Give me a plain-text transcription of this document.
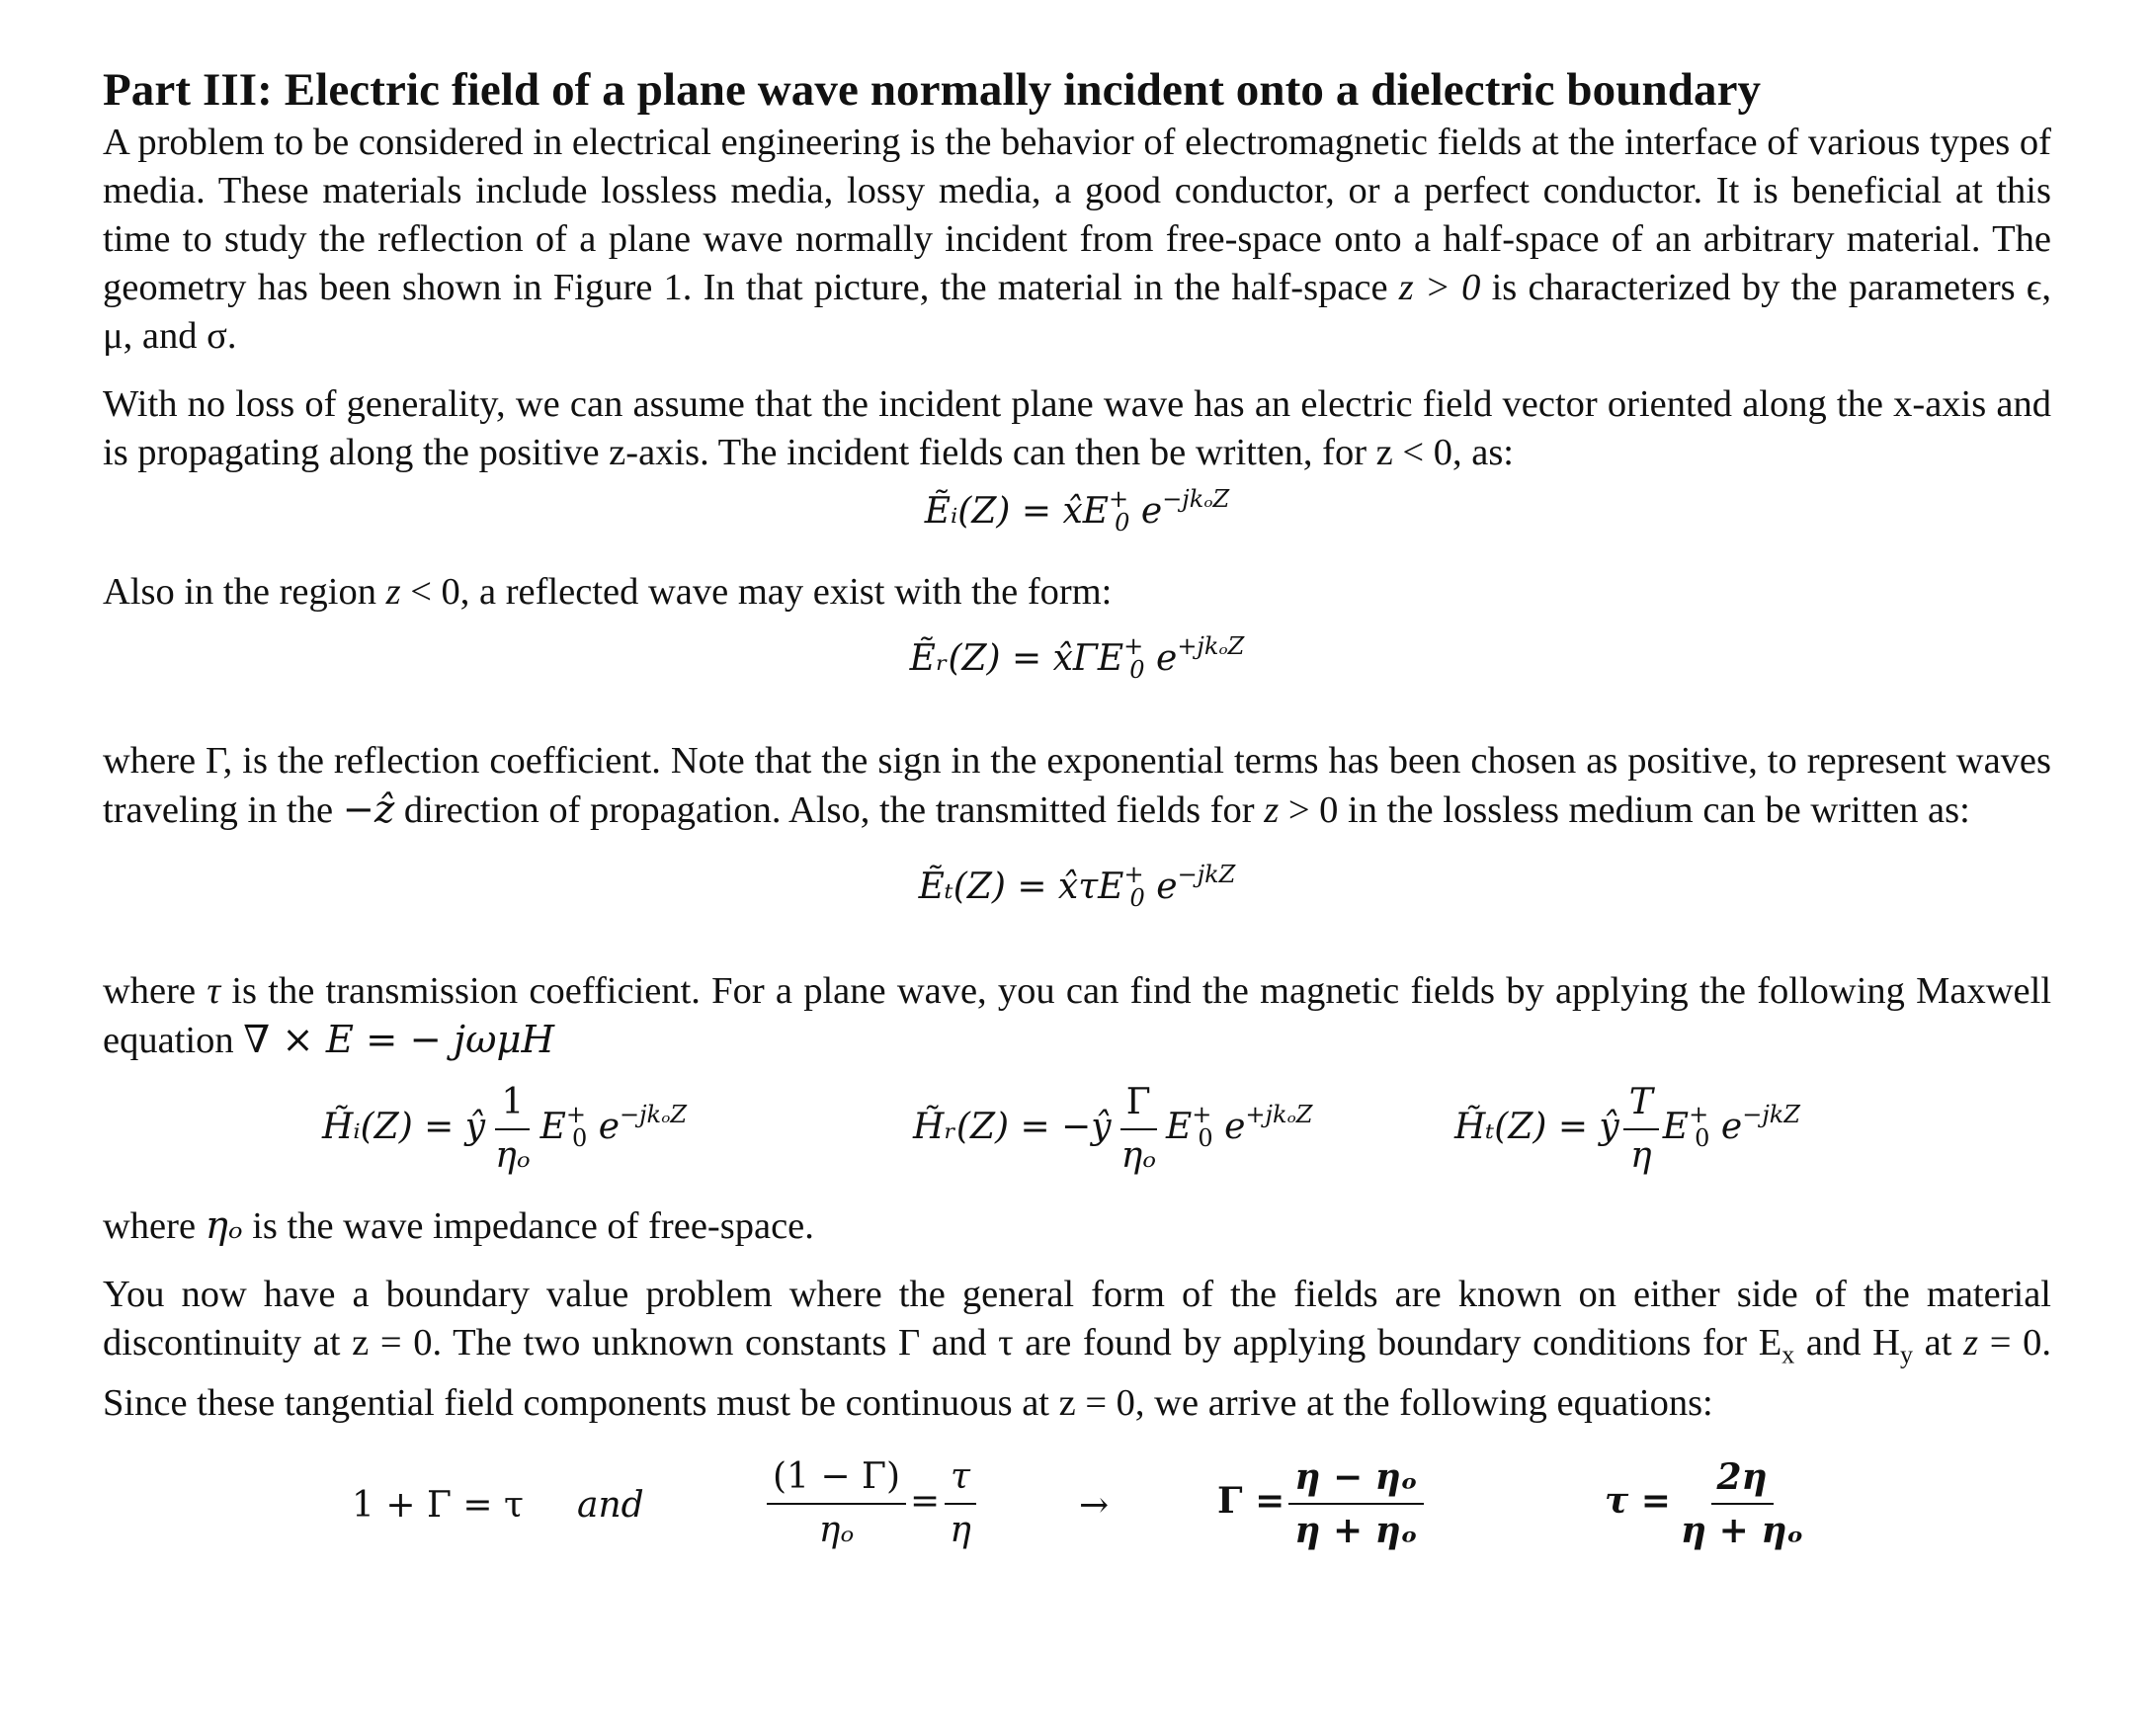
Part III: Electric field of a plane wave normally incident onto a dielectric boundary

A problem to be considered in electrical engineering is the behavior of electromagnetic fields at the interface of various types of media. These materials include lossless media, lossy media, a good conductor, or a perfect conductor. It is beneficial at this time to study the reflection of a plane wave normally incident from free-space onto a half-space of an arbitrary material. The geometry has been shown in Figure 1. In that picture, the material in the half-space z > 0 is characterized by the parameters ϵ, μ, and σ.

With no loss of generality, we can assume that the incident plane wave has an electric field vector oriented along the x-axis and is propagating along the positive z-axis. The incident fields can then be written, for z < 0, as:

Ẽᵢ(Z) = $x̂E^+_0$ $e^{-jk_oZ}$

Also in the region z < 0, a reflected wave may exist with the form:

Ẽᵣ(Z) = $x̂\Gamma E^+_0$ $e^{+jk_oZ}$

where Γ, is the reflection coefficient. Note that the sign in the exponential terms has been chosen as positive, to represent waves traveling in the −ẑ direction of propagation. Also, the transmitted fields for z > 0 in the lossless medium can be written as:

Ẽₜ(Z) = $x̂\tau E^+_0$ $e^{-jkZ}$

where τ is the transmission coefficient. For a plane wave, you can find the magnetic fields by applying the following Maxwell equation ∇ × E = − jωμH

H̃ᵢ(Z) = ŷ $\frac{1}{\text{ηₒ}} E^+_0$ $e^{-jk_oZ}$	H̃ᵣ(Z) = −ŷ $\frac{\Gamma}{\text{ηₒ}} E^+_0$ $e^{+jk_oZ}$	H̃ₜ(Z) = ŷ $\frac{T}{\eta} E^+_0$ $e^{-jkZ}$

where ηₒ is the wave impedance of free-space.

You now have a boundary value problem where the general form of the fields are known on either side of the material discontinuity at z = 0. The two unknown constants Γ and τ are found by applying boundary conditions for $E_x$ and $H_y$ at z = 0. Since these tangential field components must be continuous at z = 0, we arrive at the following equations:

1 + Γ = τ and	$\frac{(1 - \Gamma)}{\text{ηₒ}} = \frac{\tau}{\eta}$	→	$\Gamma = \frac{\text{η − ηₒ}}{\text{η + ηₒ}}$	$\tau = \frac{2\eta}{\text{η + ηₒ}}$
